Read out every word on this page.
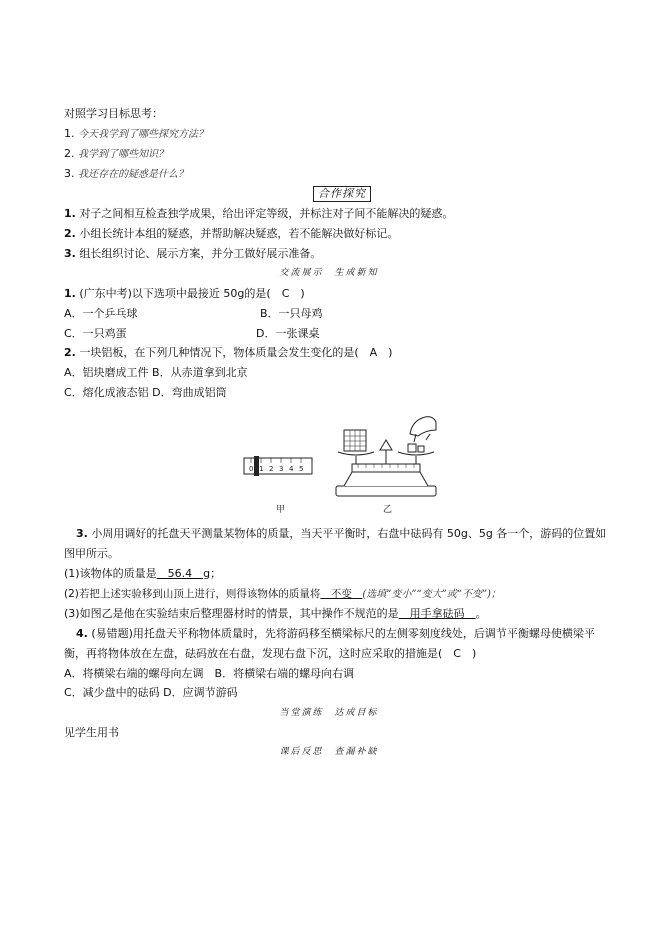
对照学习目标思考：
1. 今天我学到了哪些探究方法？
2. 我学到了哪些知识？
3. 我还存在的疑惑是什么？
合作探究
1. 对子之间相互检查独学成果，给出评定等级，并标注对子间不能解决的疑惑。
2. 小组长统计本组的疑惑，并帮助解决疑惑，若不能解决做好标记。
3. 组长组织讨论、展示方案，并分工做好展示准备。
交流展示　生成新知
1. (广东中考)以下选项中最接近 50g的是(　C　)
A．一个乒乓球	B．一只母鸡
C．一只鸡蛋	D．一张课桌
2. 一块铝板，在下列几种情况下，物体质量会发生变化的是(　A　)
A．铝块磨成工件 B．从赤道拿到北京
C．熔化成液态铝 D．弯曲成铝筒
0 1 2 3 4 5
甲	乙
3. 小周用调好的托盘天平测量某物体的质量，当天平平衡时，右盘中砝码有 50g、5g 各一个，游码的位置如
图甲所示。
(1)该物体的质量是　56.4　g；
(2)若把上述实验移到山顶上进行，则得该物体的质量将　不变　(选填“变小”“变大”或“不变”)；
(3)如图乙是他在实验结束后整理器材时的情景，其中操作不规范的是　用手拿砝码　。
4. (易错题)用托盘天平称物体质量时，先将游码移至横梁标尺的左侧零刻度线处，后调节平衡螺母使横梁平
衡，再将物体放在左盘，砝码放在右盘，发现右盘下沉，这时应采取的措施是(　C　)
A．将横梁右端的螺母向左调　B．将横梁右端的螺母向右调
C．减少盘中的砝码 D．应调节游码
当堂演练　达成目标
见学生用书
课后反思　查漏补缺
